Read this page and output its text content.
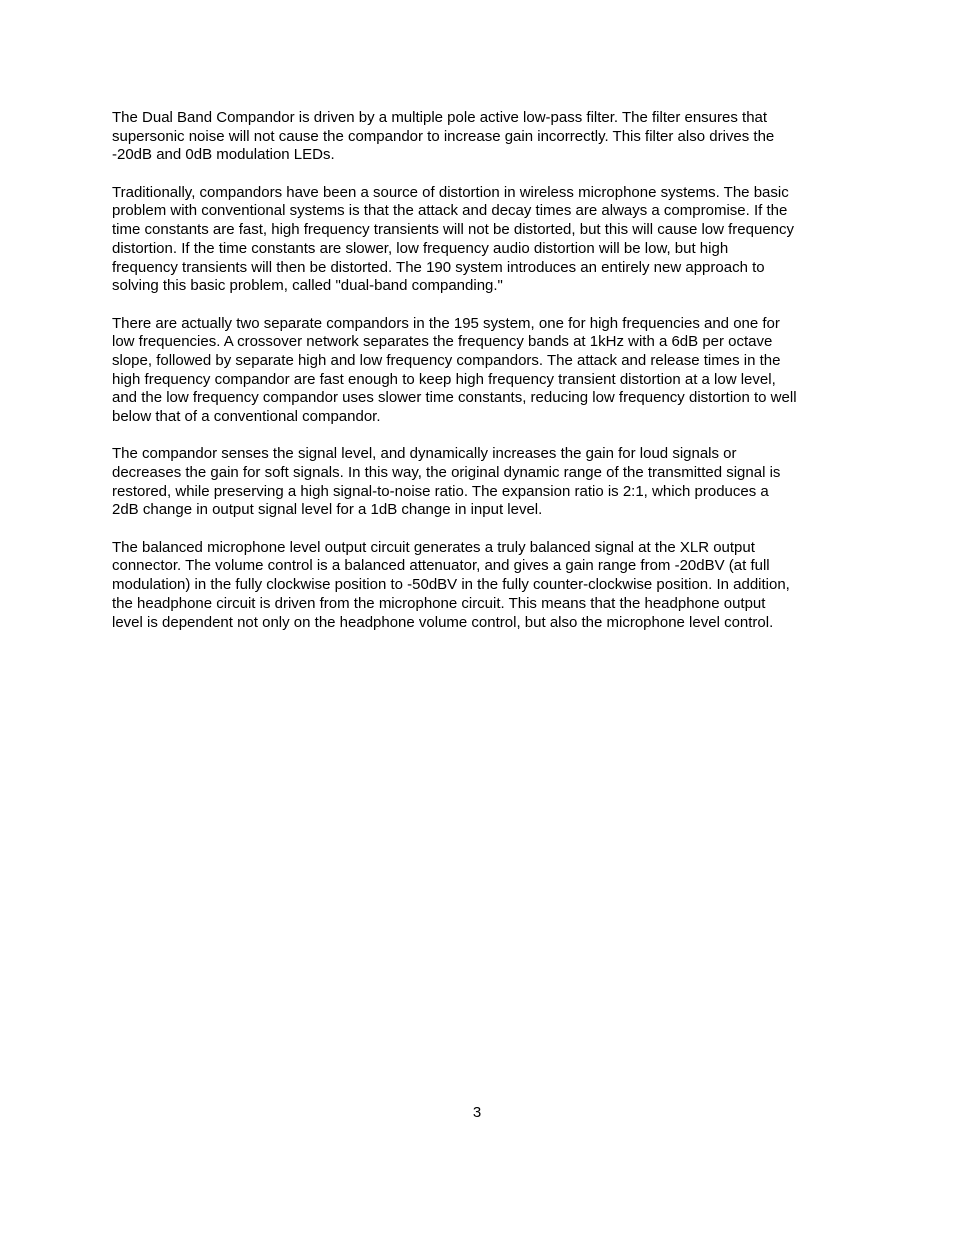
The Dual Band Compandor is driven by a multiple pole active low-pass filter. The filter ensures that
supersonic noise will not cause the compandor to increase gain incorrectly. This filter also drives the
-20dB and 0dB modulation LEDs.

Traditionally, compandors have been a source of distortion in wireless microphone systems. The basic
problem with conventional systems is that the attack and decay times are always a compromise. If the
time constants are fast, high frequency transients will not be distorted, but this will cause low frequency
distortion. If the time constants are slower, low frequency audio distortion will be low, but high
frequency transients will then be distorted. The 190 system introduces an entirely new approach to
solving this basic problem, called "dual-band companding."

There are actually two separate compandors in the 195 system, one for high frequencies and one for
low frequencies. A crossover network separates the frequency bands at 1kHz with a 6dB per octave
slope, followed by separate high and low frequency compandors. The attack and release times in the
high frequency compandor are fast enough to keep high frequency transient distortion at a low level,
and the low frequency compandor uses slower time constants, reducing low frequency distortion to well
below that of a conventional compandor.

The compandor senses the signal level, and dynamically increases the gain for loud signals or
decreases the gain for soft signals. In this way, the original dynamic range of the transmitted signal is
restored, while preserving a high signal-to-noise ratio. The expansion ratio is 2:1, which produces a
2dB change in output signal level for a 1dB change in input level.

The balanced microphone level output circuit generates a truly balanced signal at the XLR output
connector. The volume control is a balanced attenuator, and gives a gain range from -20dBV (at full
modulation) in the fully clockwise position to -50dBV in the fully counter-clockwise position. In addition,
the headphone circuit is driven from the microphone circuit. This means that the headphone output
level is dependent not only on the headphone volume control, but also the microphone level control.

3
